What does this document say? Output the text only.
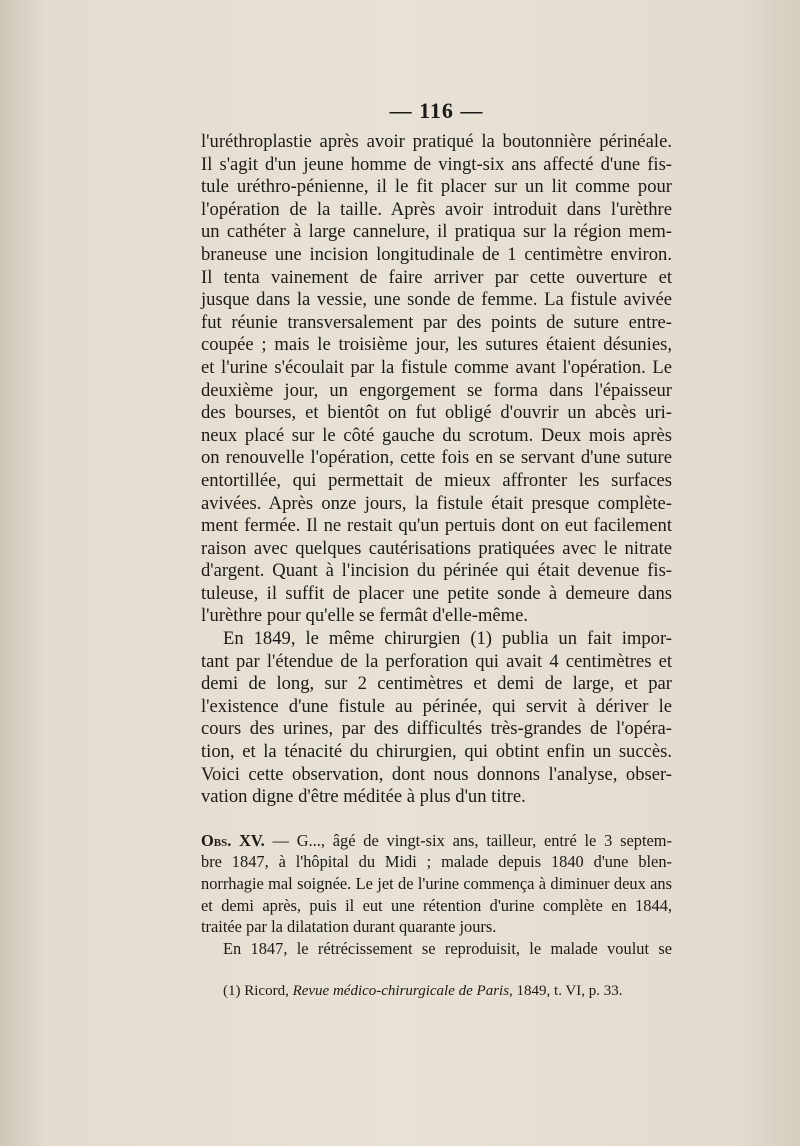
— 116 —
l'uréthroplastie après avoir pratiqué la boutonnière périnéale.
Il s'agit d'un jeune homme de vingt-six ans affecté d'une fis-
tule uréthro-pénienne, il le fit placer sur un lit comme pour
l'opération de la taille. Après avoir introduit dans l'urèthre
un cathéter à large cannelure, il pratiqua sur la région mem-
braneuse une incision longitudinale de 1 centimètre environ.
Il tenta vainement de faire arriver par cette ouverture et
jusque dans la vessie, une sonde de femme. La fistule avivée
fut réunie transversalement par des points de suture entre-
coupée ; mais le troisième jour, les sutures étaient désunies,
et l'urine s'écoulait par la fistule comme avant l'opération. Le
deuxième jour, un engorgement se forma dans l'épaisseur
des bourses, et bientôt on fut obligé d'ouvrir un abcès uri-
neux placé sur le côté gauche du scrotum. Deux mois après
on renouvelle l'opération, cette fois en se servant d'une suture
entortillée, qui permettait de mieux affronter les surfaces
avivées. Après onze jours, la fistule était presque complète-
ment fermée. Il ne restait qu'un pertuis dont on eut facilement
raison avec quelques cautérisations pratiquées avec le nitrate
d'argent. Quant à l'incision du périnée qui était devenue fis-
tuleuse, il suffit de placer une petite sonde à demeure dans
l'urèthre pour qu'elle se fermât d'elle-même.
En 1849, le même chirurgien (1) publia un fait impor-
tant par l'étendue de la perforation qui avait 4 centimètres et
demi de long, sur 2 centimètres et demi de large, et par
l'existence d'une fistule au périnée, qui servit à dériver le
cours des urines, par des difficultés très-grandes de l'opéra-
tion, et la ténacité du chirurgien, qui obtint enfin un succès.
Voici cette observation, dont nous donnons l'analyse, obser-
vation digne d'être méditée à plus d'un titre.
Obs. XV. — G..., âgé de vingt-six ans, tailleur, entré le 3 septem-
bre 1847, à l'hôpital du Midi ; malade depuis 1840 d'une blen-
norrhagie mal soignée. Le jet de l'urine commença à diminuer deux ans
et demi après, puis il eut une rétention d'urine complète en 1844,
traitée par la dilatation durant quarante jours.
En 1847, le rétrécissement se reproduisit, le malade voulut se
(1) Ricord, Revue médico-chirurgicale de Paris, 1849, t. VI, p. 33.
